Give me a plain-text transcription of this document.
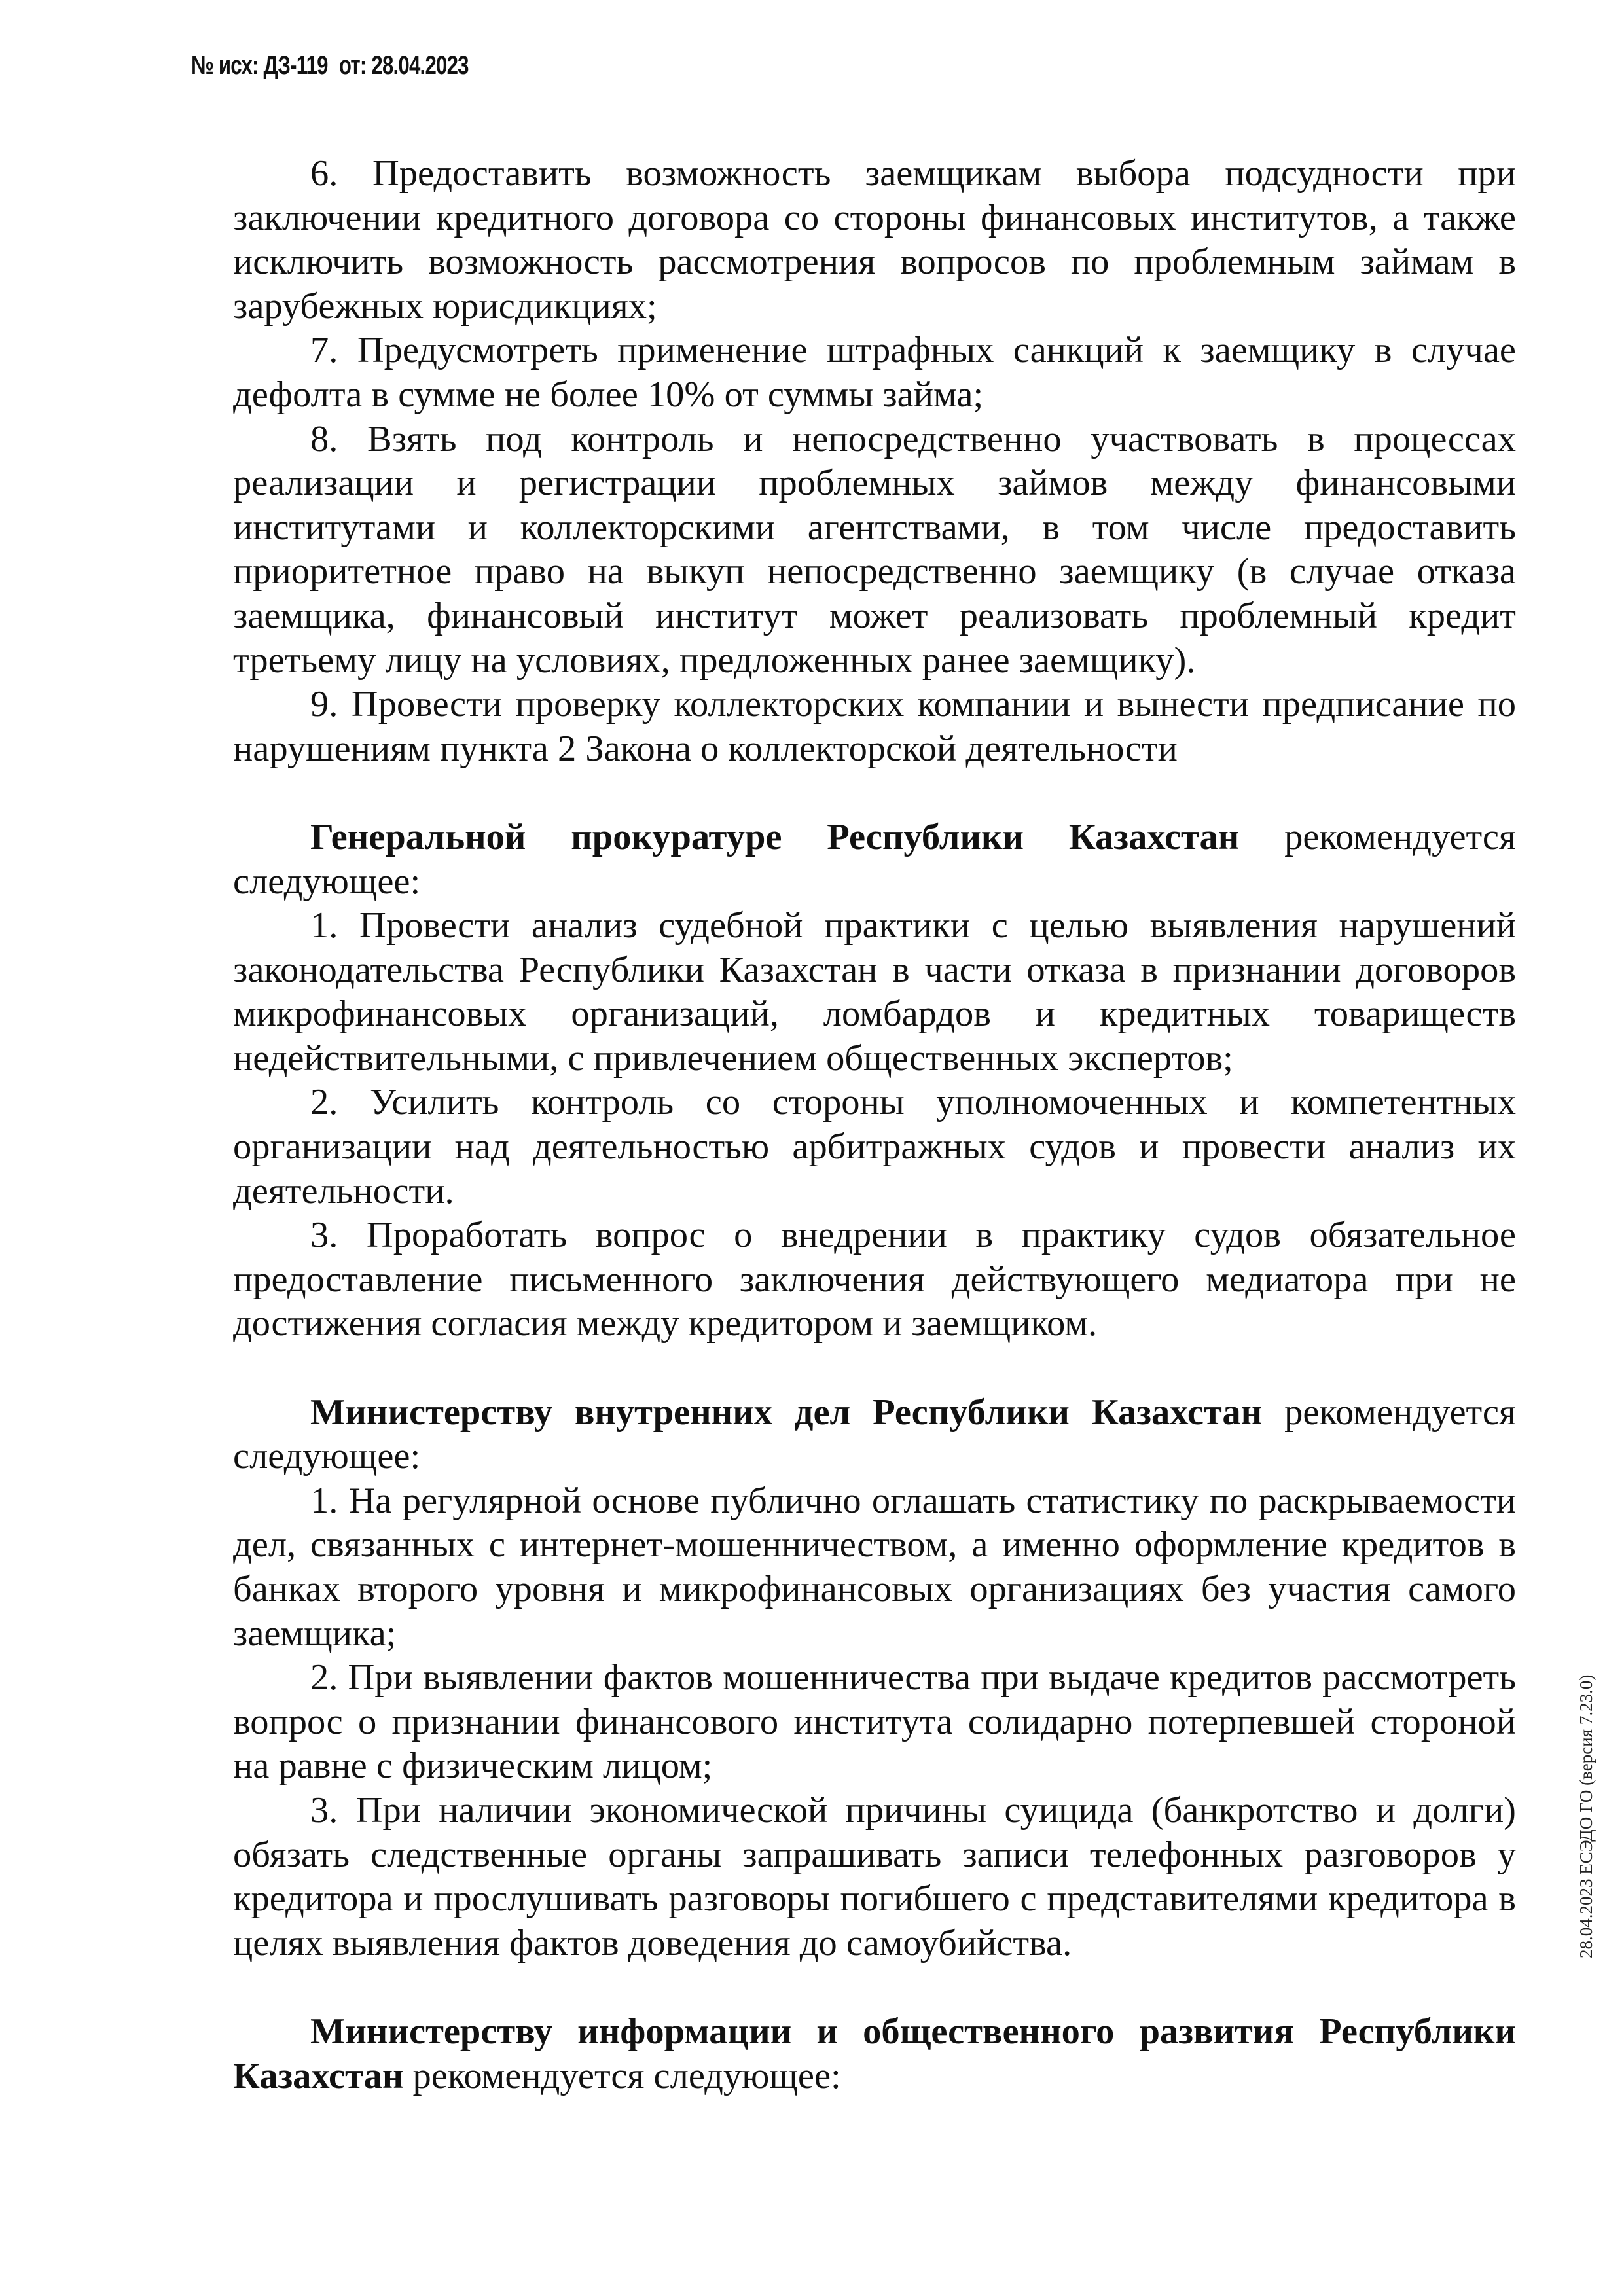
№ исх: ДЗ-119 от: 28.04.2023

6. Предоставить возможность заемщикам выбора подсудности при заключении кредитного договора со стороны финансовых институтов, а также исключить возможность рассмотрения вопросов по проблемным займам в зарубежных юрисдикциях;

7. Предусмотреть применение штрафных санкций к заемщику в случае дефолта в сумме не более 10% от суммы займа;

8. Взять под контроль и непосредственно участвовать в процессах реализации и регистрации проблемных займов между финансовыми институтами и коллекторскими агентствами, в том числе предоставить приоритетное право на выкуп непосредственно заемщику (в случае отказа заемщика, финансовый институт может реализовать проблемный кредит третьему лицу на условиях, предложенных ранее заемщику).

9. Провести проверку коллекторских компании и вынести предписание по нарушениям пункта 2 Закона о коллекторской деятельности

Генеральной прокуратуре Республики Казахстан рекомендуется следующее:

1. Провести анализ судебной практики с целью выявления нарушений законодательства Республики Казахстан в части отказа в признании договоров микрофинансовых организаций, ломбардов и кредитных товариществ недействительными, с привлечением общественных экспертов;

2. Усилить контроль со стороны уполномоченных и компетентных организации над деятельностью арбитражных судов и провести анализ их деятельности.

3. Проработать вопрос о внедрении в практику судов обязательное предоставление письменного заключения действующего медиатора при не достижения согласия между кредитором и заемщиком.

Министерству внутренних дел Республики Казахстан рекомендуется следующее:

1. На регулярной основе публично оглашать статистику по раскрываемости дел, связанных с интернет-мошенничеством, а именно оформление кредитов в банках второго уровня и микрофинансовых организациях без участия самого заемщика;

2. При выявлении фактов мошенничества при выдаче кредитов рассмотреть вопрос о признании финансового института солидарно потерпевшей стороной на равне с физическим лицом;

3. При наличии экономической причины суицида (банкротство и долги) обязать следственные органы запрашивать записи телефонных разговоров у кредитора и прослушивать разговоры погибшего с представителями кредитора в целях выявления фактов доведения до самоубийства.

Министерству информации и общественного развития Республики Казахстан рекомендуется следующее:

28.04.2023 ЕСЭДО ГО (версия 7.23.0)
